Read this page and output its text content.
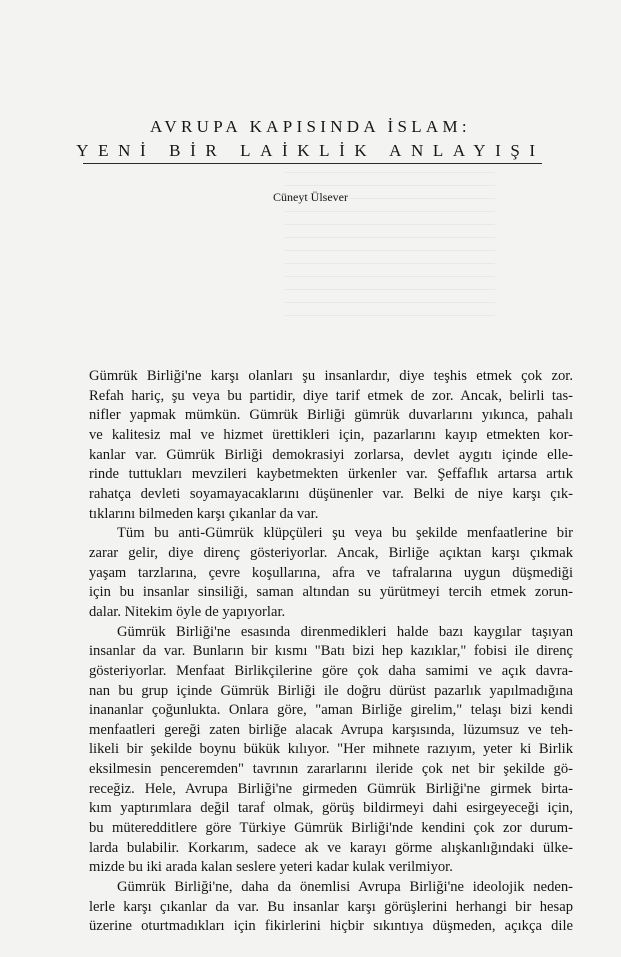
AVRUPA KAPISINDA İSLAM:
YENİ BİR LAİKLİK ANLAYIŞI
Cüneyt Ülsever
Gümrük Birliği'ne karşı olanları şu insanlardır, diye teşhis etmek çok zor.
Refah hariç, şu veya bu partidir, diye tarif etmek de zor. Ancak, belirli tas-
nifler yapmak mümkün. Gümrük Birliği gümrük duvarlarını yıkınca, pahalı
ve kalitesiz mal ve hizmet ürettikleri için, pazarlarını kayıp etmekten kor-
kanlar var. Gümrük Birliği demokrasiyi zorlarsa, devlet aygıtı içinde elle-
rinde tuttukları mevzileri kaybetmekten ürkenler var. Şeffaflık artarsa artık
rahatça devleti soyamayacaklarını düşünenler var. Belki de niye karşı çık-
tıklarını bilmeden karşı çıkanlar da var.
Tüm bu anti-Gümrük klüpçüleri şu veya bu şekilde menfaatlerine bir
zarar gelir, diye direnç gösteriyorlar. Ancak, Birliğe açıktan karşı çıkmak
yaşam tarzlarına, çevre koşullarına, afra ve tafralarına uygun düşmediği
için bu insanlar sinsiliği, saman altından su yürütmeyi tercih etmek zorun-
dalar. Nitekim öyle de yapıyorlar.
Gümrük Birliği'ne esasında direnmedikleri halde bazı kaygılar taşıyan
insanlar da var. Bunların bir kısmı "Batı bizi hep kazıklar," fobisi ile direnç
gösteriyorlar. Menfaat Birlikçilerine göre çok daha samimi ve açık davra-
nan bu grup içinde Gümrük Birliği ile doğru dürüst pazarlık yapılmadığına
inananlar çoğunlukta. Onlara göre, "aman Birliğe girelim," telaşı bizi kendi
menfaatleri gereği zaten birliğe alacak Avrupa karşısında, lüzumsuz ve teh-
likeli bir şekilde boynu bükük kılıyor. "Her mihnete razıyım, yeter ki Birlik
eksilmesin penceremden" tavrının zararlarını ileride çok net bir şekilde gö-
receğiz. Hele, Avrupa Birliği'ne girmeden Gümrük Birliği'ne girmek birta-
kım yaptırımlara değil taraf olmak, görüş bildirmeyi dahi esirgeyeceği için,
bu müteredditlere göre Türkiye Gümrük Birliği'nde kendini çok zor durum-
larda bulabilir. Korkarım, sadece ak ve karayı görme alışkanlığındaki ülke-
mizde bu iki arada kalan seslere yeteri kadar kulak verilmiyor.
Gümrük Birliği'ne, daha da önemlisi Avrupa Birliği'ne ideolojik neden-
lerle karşı çıkanlar da var. Bu insanlar karşı görüşlerini herhangi bir hesap
üzerine oturtmadıkları için fikirlerini hiçbir sıkıntıya düşmeden, açıkça dile
